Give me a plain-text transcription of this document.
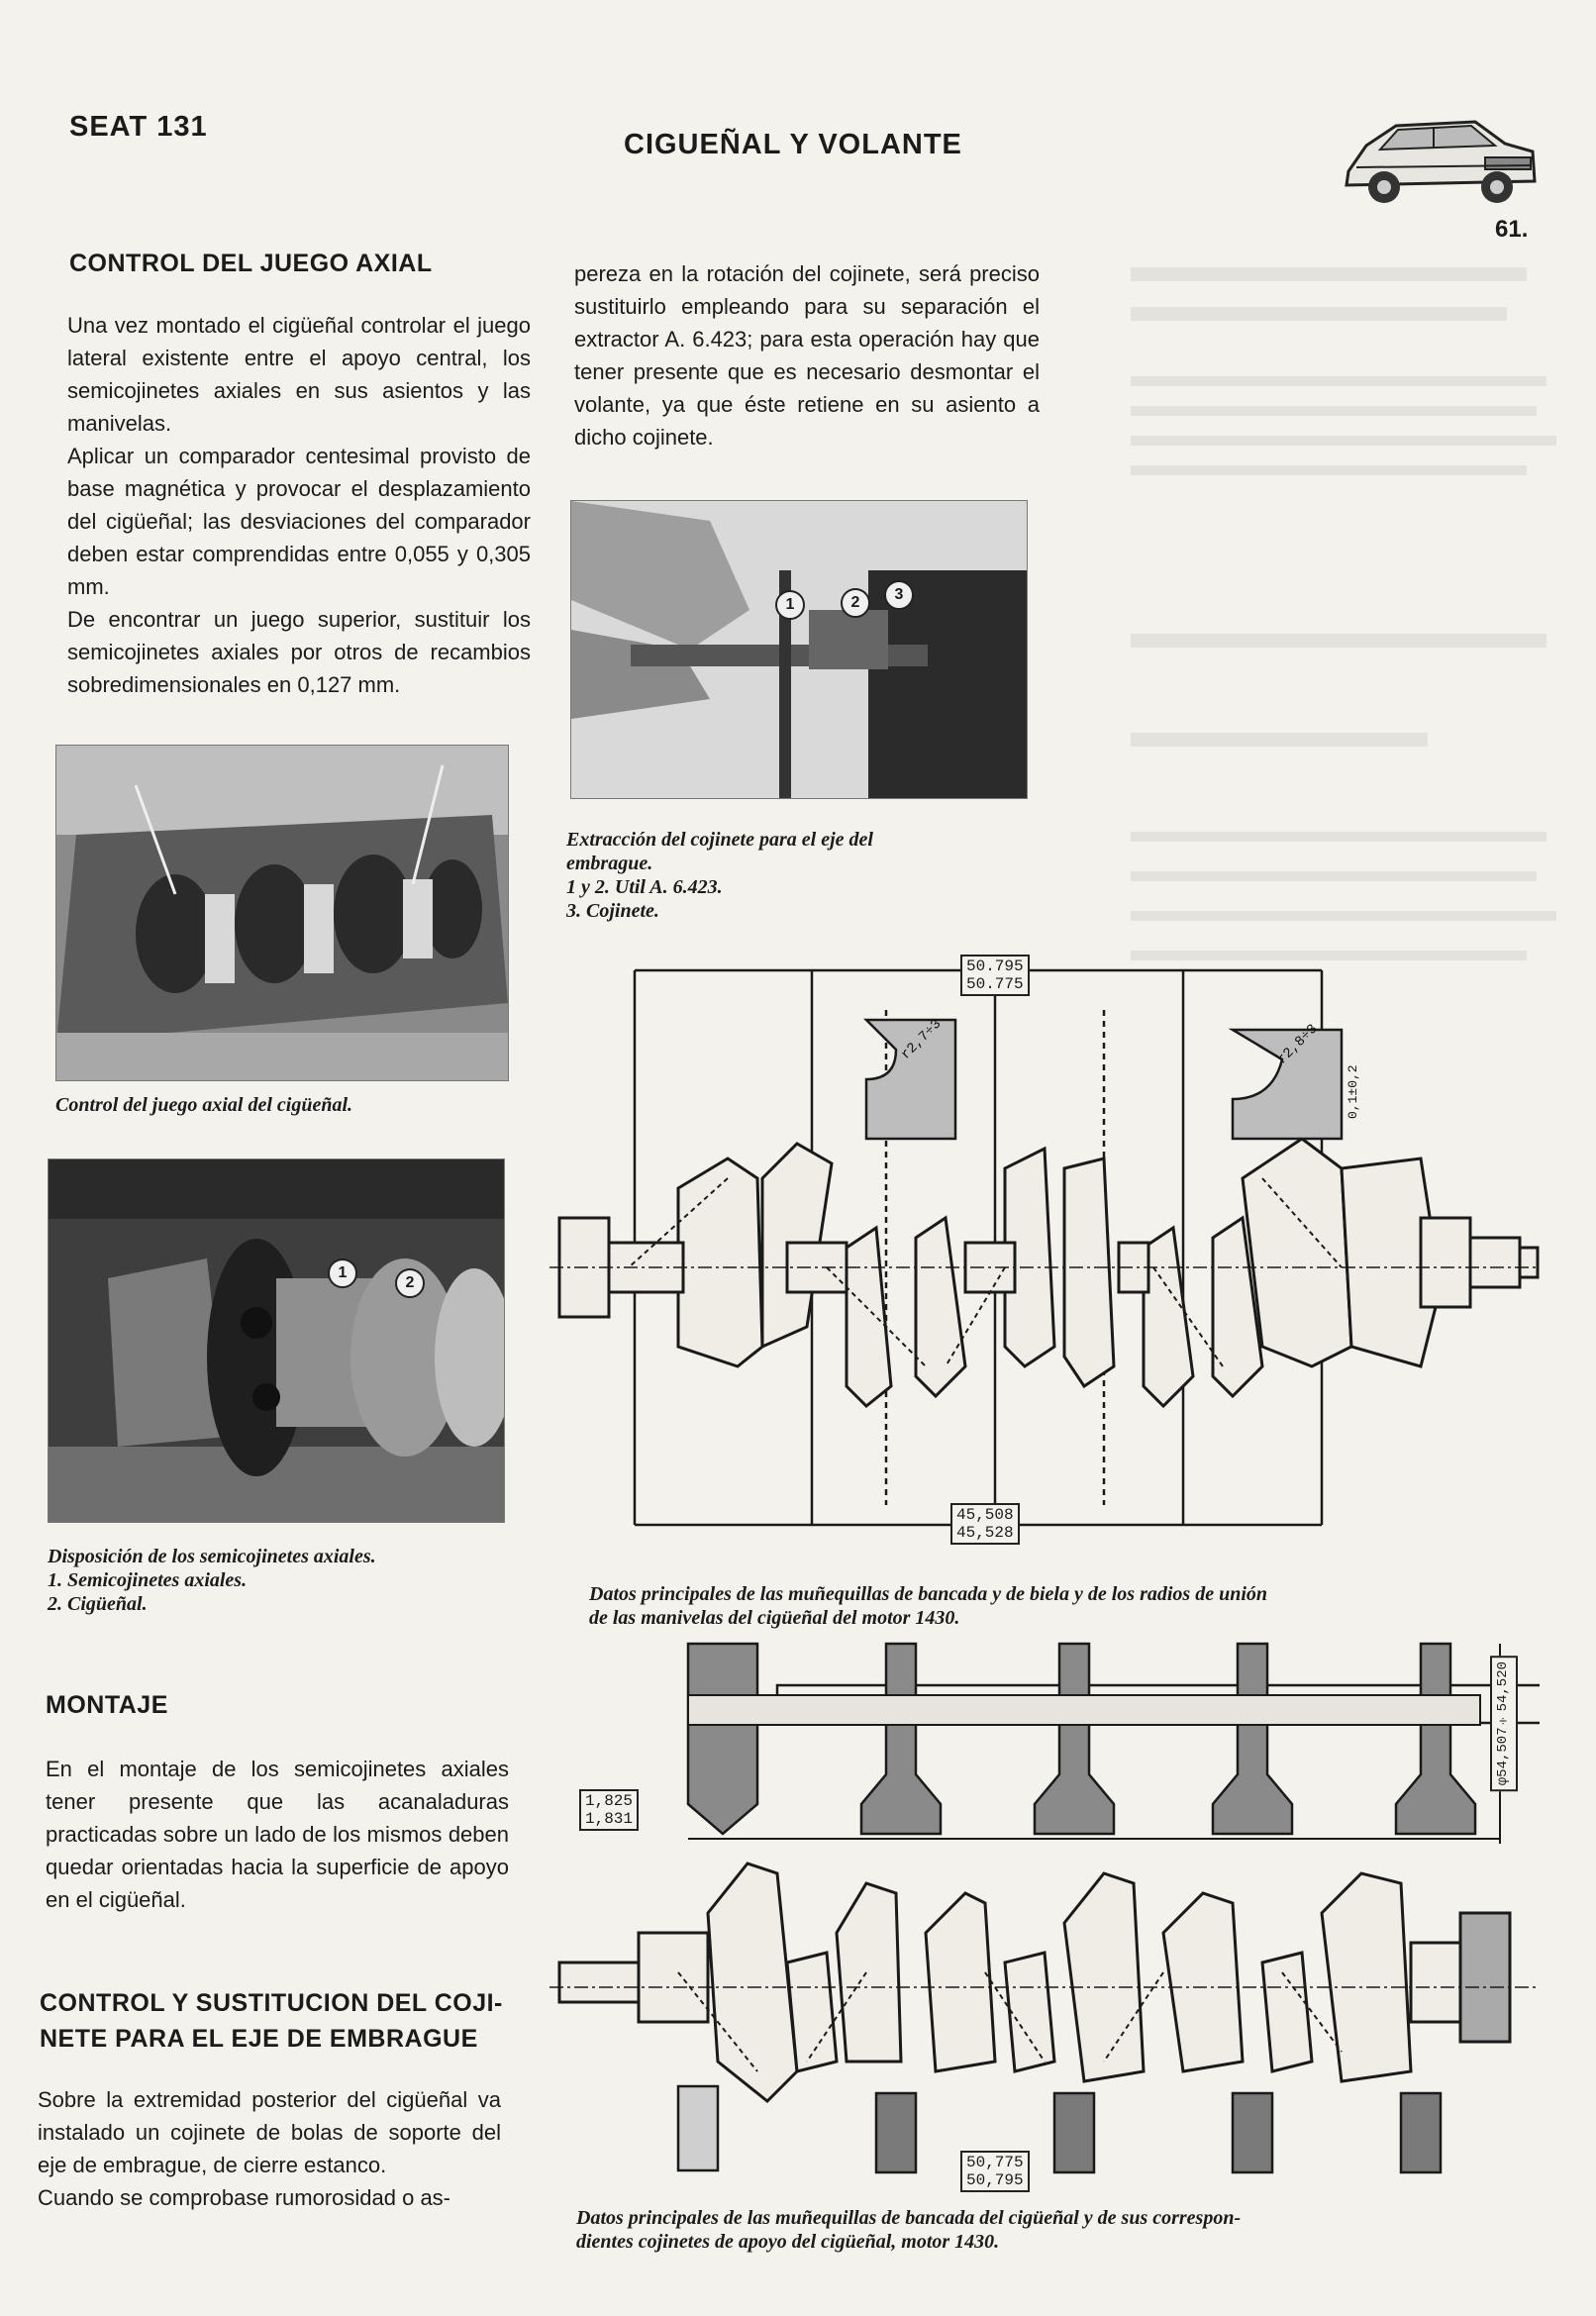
SEAT 131
CIGUEÑAL Y VOLANTE
61.
CONTROL DEL JUEGO AXIAL

Una vez montado el cigüeñal controlar el juego lateral existente entre el apoyo central, los semicojinetes axiales en sus asientos y las manivelas.

Aplicar un comparador centesimal provisto de base magnética y provocar el desplazamiento del cigüeñal; las desviaciones del comparador deben estar comprendidas entre 0,055 y 0,305 mm.

De encontrar un juego superior, sustituir los semicojinetes axiales por otros de recambios sobredimensionales en 0,127 mm.

Control del juego axial del cigüeñal.
1
2
Disposición de los semicojinetes axiales.
1. Semicojinetes axiales.
2. Cigüeñal.
MONTAJE

En el montaje de los semicojinetes axiales tener presente que las acanaladuras practicadas sobre un lado de los mismos deben quedar orientadas hacia la superficie de apoyo en el cigüeñal.

CONTROL Y SUSTITUCION DEL COJI-
NETE PARA EL EJE DE EMBRAGUE

Sobre la extremidad posterior del cigüeñal va instalado un cojinete de bolas de soporte del eje de embrague, de cierre estanco.

Cuando se comprobase rumorosidad o as-

pereza en la rotación del cojinete, será preciso sustituirlo empleando para su separación el extractor A. 6.423; para esta operación hay que tener presente que es necesario desmontar el volante, ya que éste retiene en su asiento a dicho cojinete.
1	2	3
Extracción del cojinete para el eje del
embrague.
1 y 2. Util A. 6.423.
3. Cojinete.
r2,7÷3	r2,8÷3
0,1±0,2
50.795
50.775
45,508
45,528
Datos principales de las muñequillas de bancada y de biela y de los radios de unión
de las manivelas del cigüeñal del motor 1430.
1,825
1,831
φ54,507÷54,520
50,775
50,795
Datos principales de las muñequillas de bancada del cigüeñal y de sus correspon-
dientes cojinetes de apoyo del cigüeñal, motor 1430.
